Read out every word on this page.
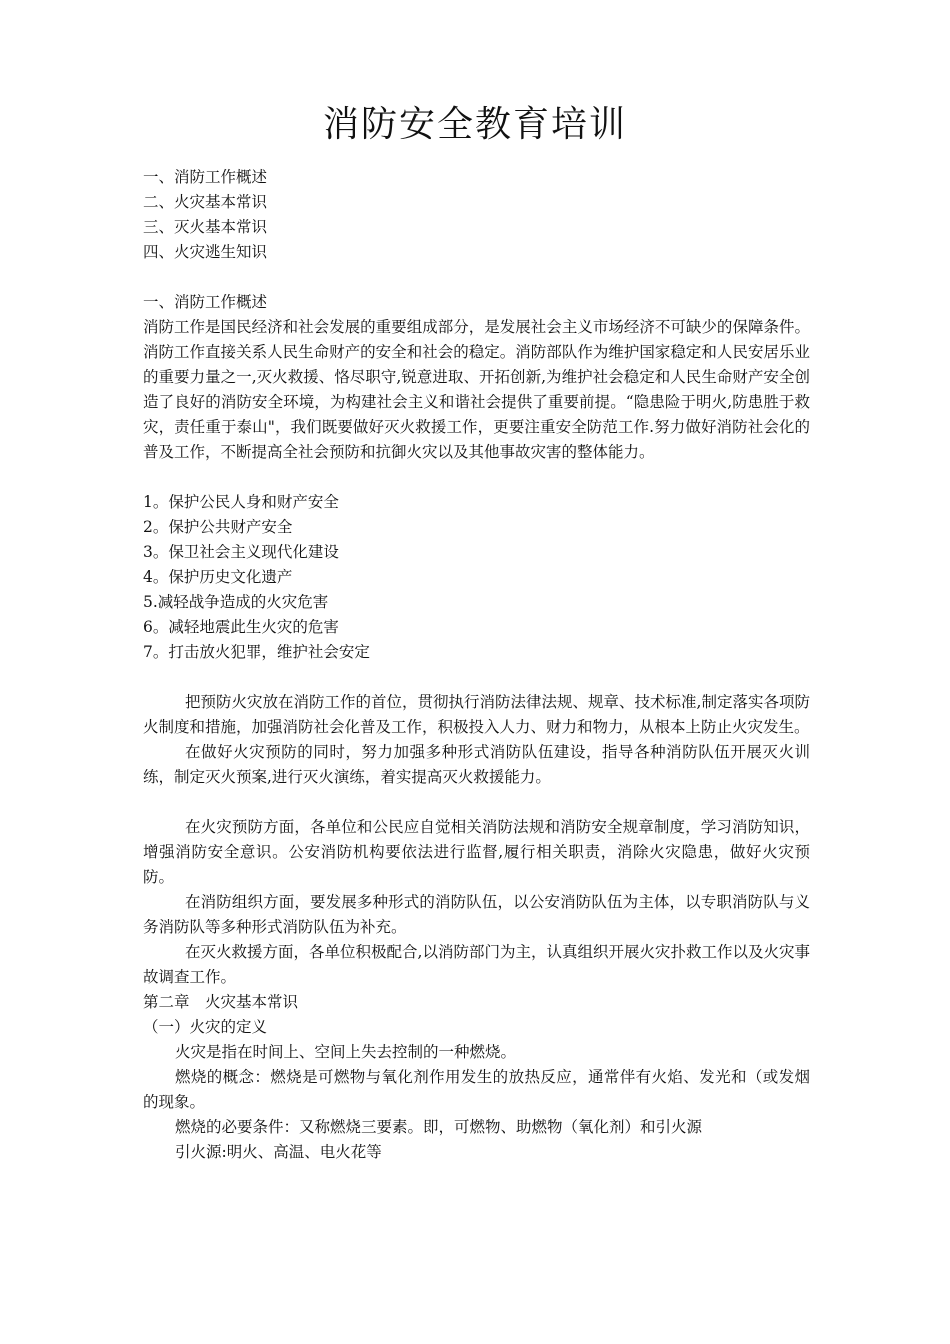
消防安全教育培训

一、消防工作概述

二、火灾基本常识

三、灭火基本常识

四、火灾逃生知识

一、消防工作概述

消防工作是国民经济和社会发展的重要组成部分，是发展社会主义市场经济不可缺少的保障条件。消防工作直接关系人民生命财产的安全和社会的稳定。消防部队作为维护国家稳定和人民安居乐业的重要力量之一,灭火救援、恪尽职守,锐意进取、开拓创新,为维护社会稳定和人民生命财产安全创造了良好的消防安全环境，为构建社会主义和谐社会提供了重要前提。“隐患险于明火,防患胜于救灾，责任重于泰山"，我们既要做好灭火救援工作，更要注重安全防范工作.努力做好消防社会化的普及工作，不断提高全社会预防和抗御火灾以及其他事故灾害的整体能力。

1。保护公民人身和财产安全

2。保护公共财产安全

3。保卫社会主义现代化建设

4。保护历史文化遗产

5.减轻战争造成的火灾危害

6。减轻地震此生火灾的危害

7。打击放火犯罪，维护社会安定

把预防火灾放在消防工作的首位，贯彻执行消防法律法规、规章、技术标准,制定落实各项防火制度和措施，加强消防社会化普及工作，积极投入人力、财力和物力，从根本上防止火灾发生。

在做好火灾预防的同时，努力加强多种形式消防队伍建设，指导各种消防队伍开展灭火训练，制定灭火预案,进行灭火演练，着实提高灭火救援能力。

在火灾预防方面，各单位和公民应自觉相关消防法规和消防安全规章制度，学习消防知识，增强消防安全意识。公安消防机构要依法进行监督,履行相关职责，消除火灾隐患，做好火灾预防。

在消防组织方面，要发展多种形式的消防队伍，以公安消防队伍为主体，以专职消防队与义务消防队等多种形式消防队伍为补充。

在灭火救援方面，各单位积极配合,以消防部门为主，认真组织开展火灾扑救工作以及火灾事故调查工作。

第二章　火灾基本常识

（一）火灾的定义

火灾是指在时间上、空间上失去控制的一种燃烧。

燃烧的概念：燃烧是可燃物与氧化剂作用发生的放热反应，通常伴有火焰、发光和（或发烟的现象。

燃烧的必要条件：又称燃烧三要素。即，可燃物、助燃物（氧化剂）和引火源

引火源:明火、高温、电火花等
